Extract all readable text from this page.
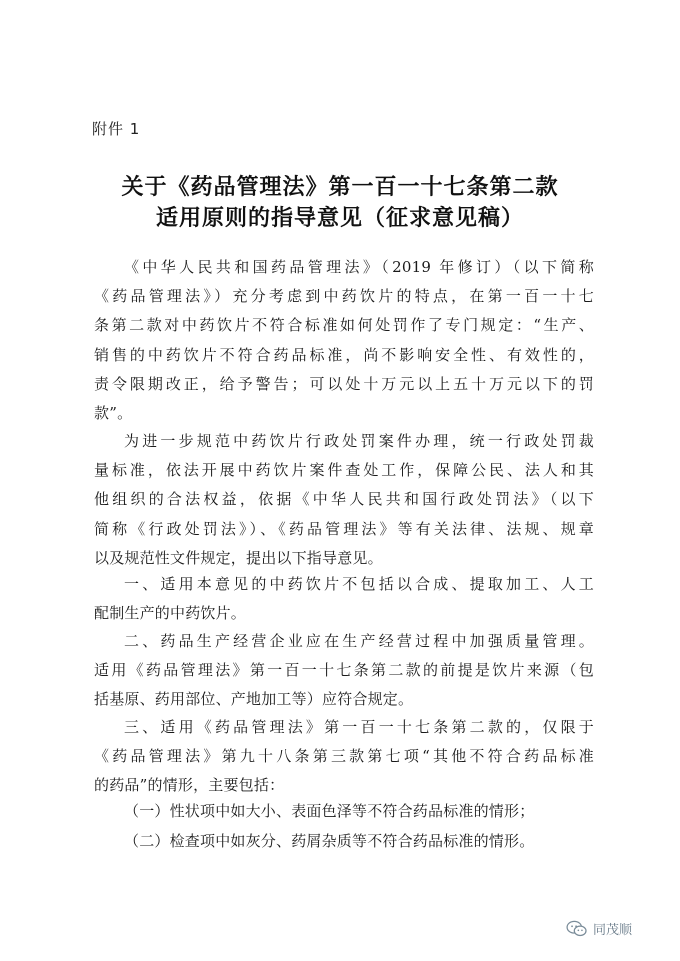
附件 1
关于《药品管理法》第一百一十七条第二款
适用原则的指导意见（征求意见稿）
《中华人民共和国药品管理法》（2019 年修订）（以下简称
《药品管理法》）充分考虑到中药饮片的特点，在第一百一十七
条第二款对中药饮片不符合标准如何处罚作了专门规定：“生产、
销售的中药饮片不符合药品标准，尚不影响安全性、有效性的，
责令限期改正，给予警告；可以处十万元以上五十万元以下的罚
款”。
为进一步规范中药饮片行政处罚案件办理，统一行政处罚裁
量标准，依法开展中药饮片案件查处工作，保障公民、法人和其
他组织的合法权益，依据《中华人民共和国行政处罚法》（以下
简称《行政处罚法》）、《药品管理法》等有关法律、法规、规章
以及规范性文件规定，提出以下指导意见。
一、适用本意见的中药饮片不包括以合成、提取加工、人工
配制生产的中药饮片。
二、药品生产经营企业应在生产经营过程中加强质量管理。
适用《药品管理法》第一百一十七条第二款的前提是饮片来源（包
括基原、药用部位、产地加工等）应符合规定。
三、适用《药品管理法》第一百一十七条第二款的，仅限于
《药品管理法》第九十八条第三款第七项“其他不符合药品标准
的药品”的情形，主要包括：
（一）性状项中如大小、表面色泽等不符合药品标准的情形；
（二）检查项中如灰分、药屑杂质等不符合药品标准的情形。
同茂顺
